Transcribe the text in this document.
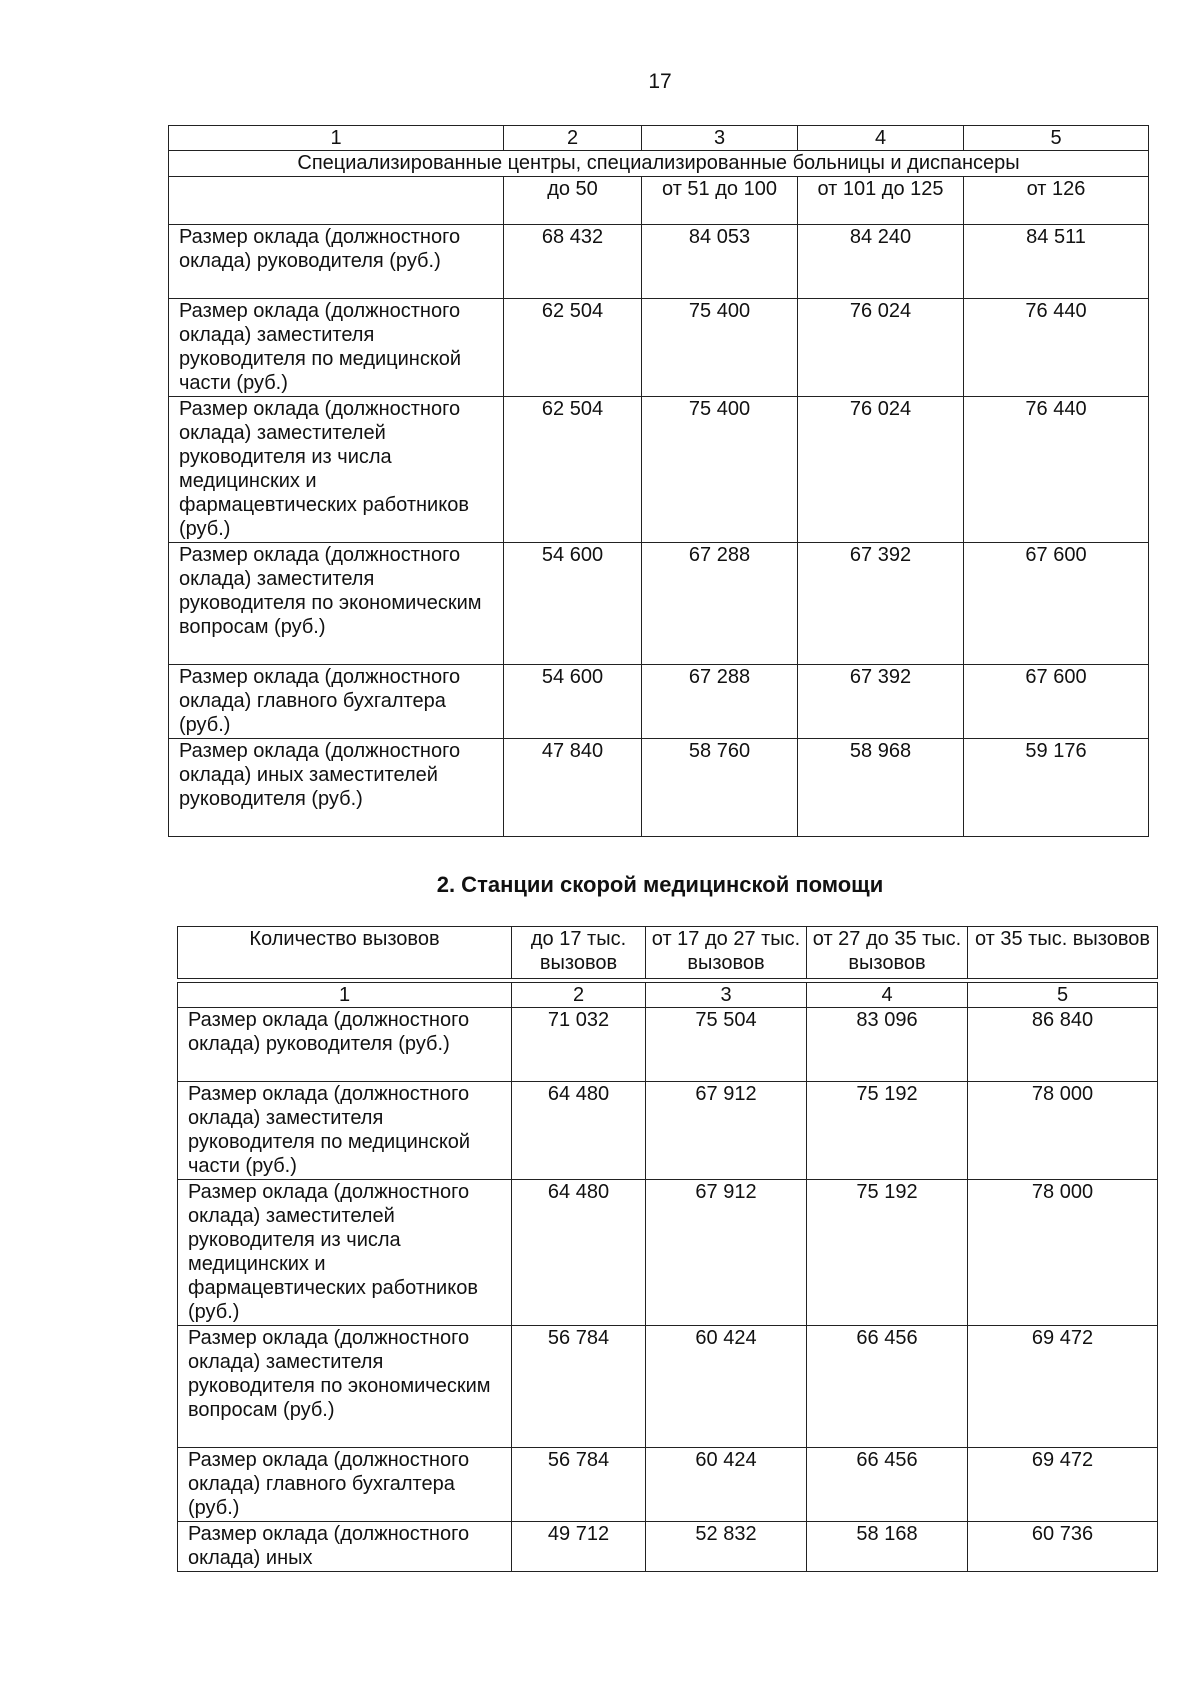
17
1	2	3	4	5
Специализированные центры, специализированные больницы и диспансеры				
	до 50	от 51 до 100	от 101 до 125	от 126
Размер оклада (должностного оклада) руководителя (руб.)	68 432	84 053	84 240	84 511
Размер оклада (должностного оклада) заместителя руководителя по медицинской части (руб.)	62 504	75 400	76 024	76 440
Размер оклада (должностного оклада) заместителей руководителя из числа медицинских и фармацевтических работников (руб.)	62 504	75 400	76 024	76 440
Размер оклада (должностного оклада) заместителя руководителя по экономическим вопросам (руб.)	54 600	67 288	67 392	67 600
Размер оклада (должностного оклада) главного бухгалтера (руб.)	54 600	67 288	67 392	67 600
Размер оклада (должностного оклада) иных заместителей руководителя (руб.)	47 840	58 760	58 968	59 176
2. Станции скорой медицинской помощи
Количество вызовов	до 17 тыс. вызовов	от 17 до 27 тыс. вызовов	от 27 до 35 тыс. вызовов	от 35 тыс. вызовов
1	2	3	4	5
Размер оклада (должностного оклада) руководителя (руб.)	71 032	75 504	83 096	86 840
Размер оклада (должностного оклада) заместителя руководителя по медицинской части (руб.)	64 480	67 912	75 192	78 000
Размер оклада (должностного оклада) заместителей руководителя из числа медицинских и фармацевтических работников (руб.)	64 480	67 912	75 192	78 000
Размер оклада (должностного оклада) заместителя руководителя по экономическим вопросам (руб.)	56 784	60 424	66 456	69 472
Размер оклада (должностного оклада) главного бухгалтера (руб.)	56 784	60 424	66 456	69 472
Размер оклада (должностного оклада) иных	49 712	52 832	58 168	60 736
